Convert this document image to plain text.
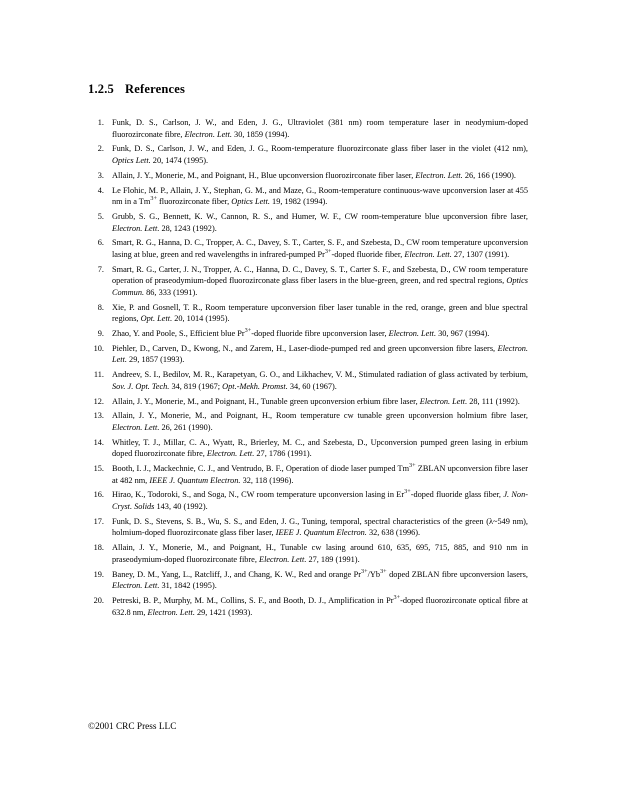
1.2.5 References
1. Funk, D. S., Carlson, J. W., and Eden, J. G., Ultraviolet (381 nm) room temperature laser in neodymium-doped fluorozirconate fibre, Electron. Lett. 30, 1859 (1994).
2. Funk, D. S., Carlson, J. W., and Eden, J. G., Room-temperature fluorozirconate glass fiber laser in the violet (412 nm), Optics Lett. 20, 1474 (1995).
3. Allain, J. Y., Monerie, M., and Poignant, H., Blue upconversion fluorozirconate fiber laser, Electron. Lett. 26, 166 (1990).
4. Le Flohic, M. P., Allain, J. Y., Stephan, G. M., and Maze, G., Room-temperature continuous-wave upconversion laser at 455 nm in a $Tm^{3+}$ fluorozirconate fiber, Optics Lett. 19, 1982 (1994).
5. Grubb, S. G., Bennett, K. W., Cannon, R. S., and Humer, W. F., CW room-temperature blue upconversion fibre laser, Electron. Lett. 28, 1243 (1992).
6. Smart, R. G., Hanna, D. C., Tropper, A. C., Davey, S. T., Carter, S. F., and Szebesta, D., CW room temperature upconversion lasing at blue, green and red wavelengths in infrared-pumped $Pr^{3+}$-doped fluoride fiber, Electron. Lett. 27, 1307 (1991).
7. Smart, R. G., Carter, J. N., Tropper, A. C., Hanna, D. C., Davey, S. T., Carter S. F., and Szebesta, D., CW room temperature operation of praseodymium-doped fluorozirconate glass fiber lasers in the blue-green, green, and red spectral regions, Optics Commun. 86, 333 (1991).
8. Xie, P. and Gosnell, T. R., Room temperature upconversion fiber laser tunable in the red, orange, green and blue spectral regions, Opt. Lett. 20, 1014 (1995).
9. Zhao, Y. and Poole, S., Efficient blue $Pr^{3+}$-doped fluoride fibre upconversion laser, Electron. Lett. 30, 967 (1994).
10. Piehler, D., Carven, D., Kwong, N., and Zarem, H., Laser-diode-pumped red and green upconversion fibre lasers, Electron. Lett. 29, 1857 (1993).
11. Andreev, S. I., Bedilov, M. R., Karapetyan, G. O., and Likhachev, V. M., Stimulated radiation of glass activated by terbium, Sov. J. Opt. Tech. 34, 819 (1967; Opt.-Mekh. Promst. 34, 60 (1967).
12. Allain, J. Y., Monerie, M., and Poignant, H., Tunable green upconversion erbium fibre laser, Electron. Lett. 28, 111 (1992).
13. Allain, J. Y., Monerie, M., and Poignant, H., Room temperature cw tunable green upconversion holmium fibre laser, Electron. Lett. 26, 261 (1990).
14. Whitley, T. J., Millar, C. A., Wyatt, R., Brierley, M. C., and Szebesta, D., Upconversion pumped green lasing in erbium doped fluorozirconate fibre, Electron. Lett. 27, 1786 (1991).
15. Booth, I. J., Mackechnie, C. J., and Ventrudo, B. F., Operation of diode laser pumped $Tm^{3+}$ ZBLAN upconversion fibre laser at 482 nm, IEEE J. Quantum Electron. 32, 118 (1996).
16. Hirao, K., Todoroki, S., and Soga, N., CW room temperature upconversion lasing in $Er^{3+}$-doped fluoride glass fiber, J. Non-Cryst. Solids 143, 40 (1992).
17. Funk, D. S., Stevens, S. B., Wu, S. S., and Eden, J. G., Tuning, temporal, spectral characteristics of the green (λ~549 nm), holmium-doped fluorozirconate glass fiber laser, IEEE J. Quantum Electron. 32, 638 (1996).
18. Allain, J. Y., Monerie, M., and Poignant, H., Tunable cw lasing around 610, 635, 695, 715, 885, and 910 nm in praseodymium-doped fluorozirconate fibre, Electron. Lett. 27, 189 (1991).
19. Baney, D. M., Yang, L., Ratcliff, J., and Chang, K. W., Red and orange $Pr^{3+}/Yb^{3+}$ doped ZBLAN fibre upconversion lasers, Electron. Lett. 31, 1842 (1995).
20. Petreski, B. P., Murphy, M. M., Collins, S. F., and Booth, D. J., Amplification in $Pr^{3+}$-doped fluorozirconate optical fibre at 632.8 nm, Electron. Lett. 29, 1421 (1993).
©2001 CRC Press LLC
